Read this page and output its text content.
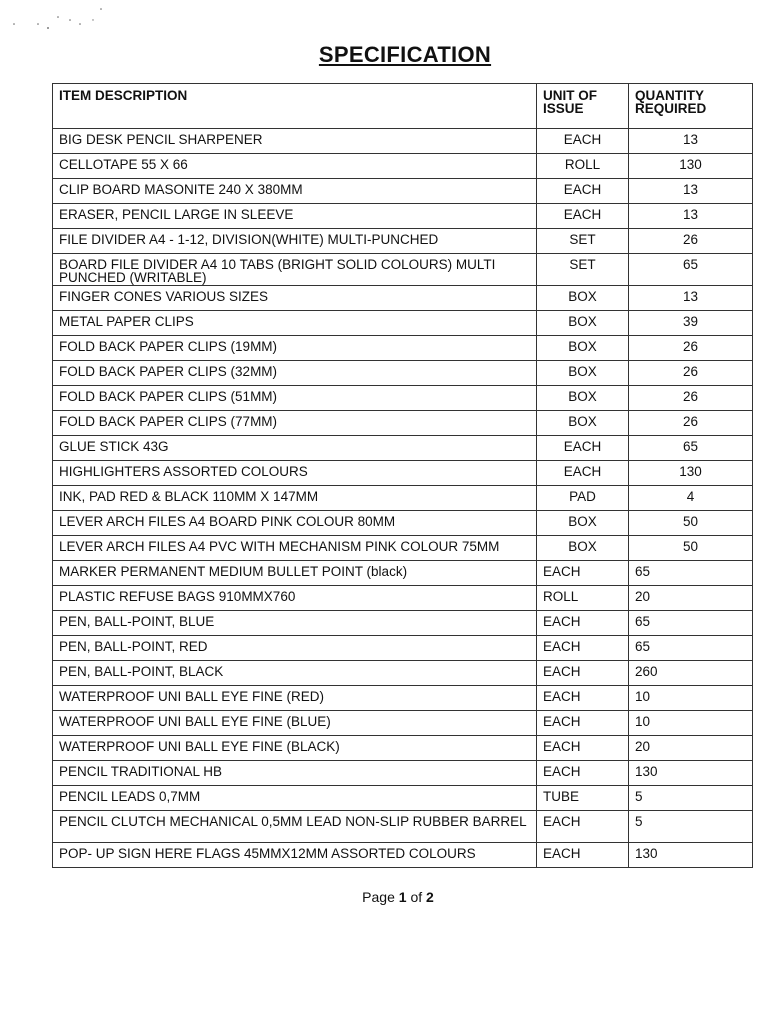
SPECIFICATION
ITEM DESCRIPTION	UNIT OF ISSUE	QUANTITY REQUIRED
BIG DESK PENCIL SHARPENER	EACH	13
CELLOTAPE 55 X 66	ROLL	130
CLIP BOARD MASONITE 240 X 380MM	EACH	13
ERASER, PENCIL LARGE IN SLEEVE	EACH	13
FILE DIVIDER A4 - 1-12, DIVISION(WHITE) MULTI-PUNCHED	SET	26
BOARD FILE DIVIDER A4 10 TABS (BRIGHT SOLID COLOURS) MULTI PUNCHED (WRITABLE)	SET	65
FINGER CONES VARIOUS SIZES	BOX	13
METAL PAPER CLIPS	BOX	39
FOLD BACK PAPER CLIPS (19MM)	BOX	26
FOLD BACK PAPER CLIPS (32MM)	BOX	26
FOLD BACK PAPER CLIPS (51MM)	BOX	26
FOLD BACK PAPER CLIPS (77MM)	BOX	26
GLUE STICK 43G	EACH	65
HIGHLIGHTERS ASSORTED COLOURS	EACH	130
INK, PAD RED & BLACK 110MM X 147MM	PAD	4
LEVER ARCH FILES A4 BOARD PINK COLOUR 80MM	BOX	50
LEVER ARCH FILES A4 PVC WITH MECHANISM PINK COLOUR 75MM	BOX	50
MARKER PERMANENT MEDIUM BULLET POINT (black)	EACH	65
PLASTIC REFUSE BAGS 910MMX760	ROLL	20
PEN, BALL-POINT, BLUE	EACH	65
PEN, BALL-POINT, RED	EACH	65
PEN, BALL-POINT, BLACK	EACH	260
WATERPROOF UNI BALL EYE FINE (RED)	EACH	10
WATERPROOF UNI BALL EYE FINE (BLUE)	EACH	10
WATERPROOF UNI BALL EYE FINE (BLACK)	EACH	20
PENCIL TRADITIONAL HB	EACH	130
PENCIL LEADS 0,7MM	TUBE	5
PENCIL CLUTCH MECHANICAL 0,5MM LEAD NON-SLIP RUBBER BARREL	EACH	5
POP- UP SIGN HERE FLAGS 45MMX12MM ASSORTED COLOURS	EACH	130
Page 1 of 2
